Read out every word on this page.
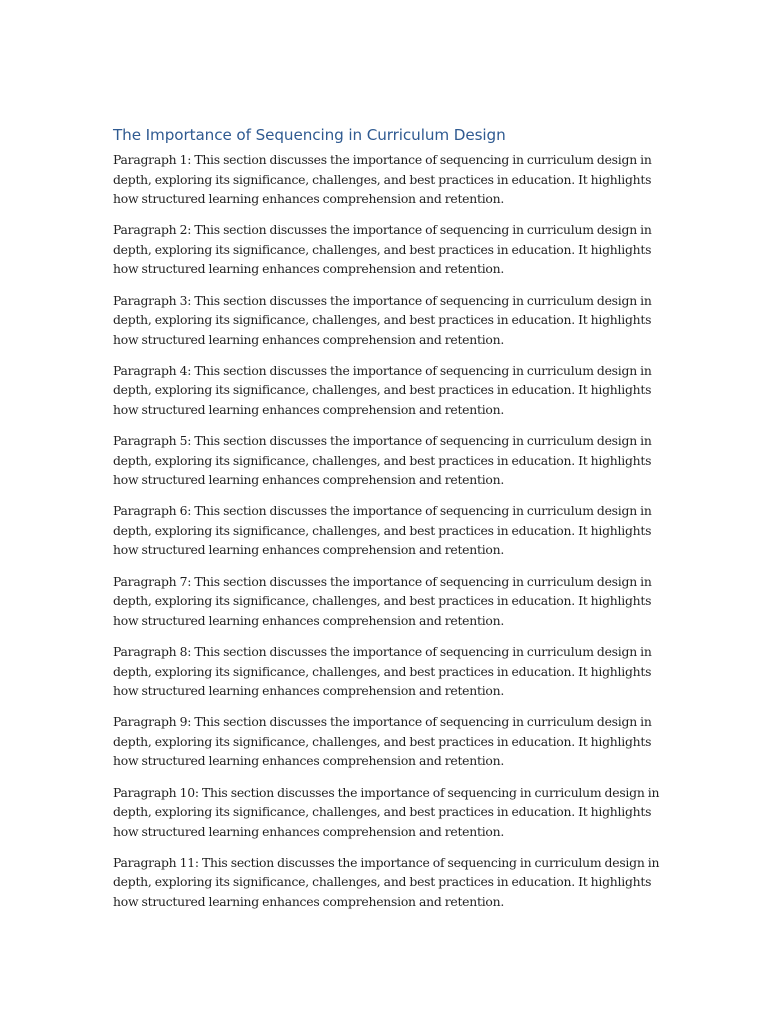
The Importance of Sequencing in Curriculum Design

Paragraph 1: This section discusses the importance of sequencing in curriculum design in
depth, exploring its significance, challenges, and best practices in education. It highlights
how structured learning enhances comprehension and retention.

Paragraph 2: This section discusses the importance of sequencing in curriculum design in
depth, exploring its significance, challenges, and best practices in education. It highlights
how structured learning enhances comprehension and retention.

Paragraph 3: This section discusses the importance of sequencing in curriculum design in
depth, exploring its significance, challenges, and best practices in education. It highlights
how structured learning enhances comprehension and retention.

Paragraph 4: This section discusses the importance of sequencing in curriculum design in
depth, exploring its significance, challenges, and best practices in education. It highlights
how structured learning enhances comprehension and retention.

Paragraph 5: This section discusses the importance of sequencing in curriculum design in
depth, exploring its significance, challenges, and best practices in education. It highlights
how structured learning enhances comprehension and retention.

Paragraph 6: This section discusses the importance of sequencing in curriculum design in
depth, exploring its significance, challenges, and best practices in education. It highlights
how structured learning enhances comprehension and retention.

Paragraph 7: This section discusses the importance of sequencing in curriculum design in
depth, exploring its significance, challenges, and best practices in education. It highlights
how structured learning enhances comprehension and retention.

Paragraph 8: This section discusses the importance of sequencing in curriculum design in
depth, exploring its significance, challenges, and best practices in education. It highlights
how structured learning enhances comprehension and retention.

Paragraph 9: This section discusses the importance of sequencing in curriculum design in
depth, exploring its significance, challenges, and best practices in education. It highlights
how structured learning enhances comprehension and retention.

Paragraph 10: This section discusses the importance of sequencing in curriculum design in
depth, exploring its significance, challenges, and best practices in education. It highlights
how structured learning enhances comprehension and retention.

Paragraph 11: This section discusses the importance of sequencing in curriculum design in
depth, exploring its significance, challenges, and best practices in education. It highlights
how structured learning enhances comprehension and retention.
